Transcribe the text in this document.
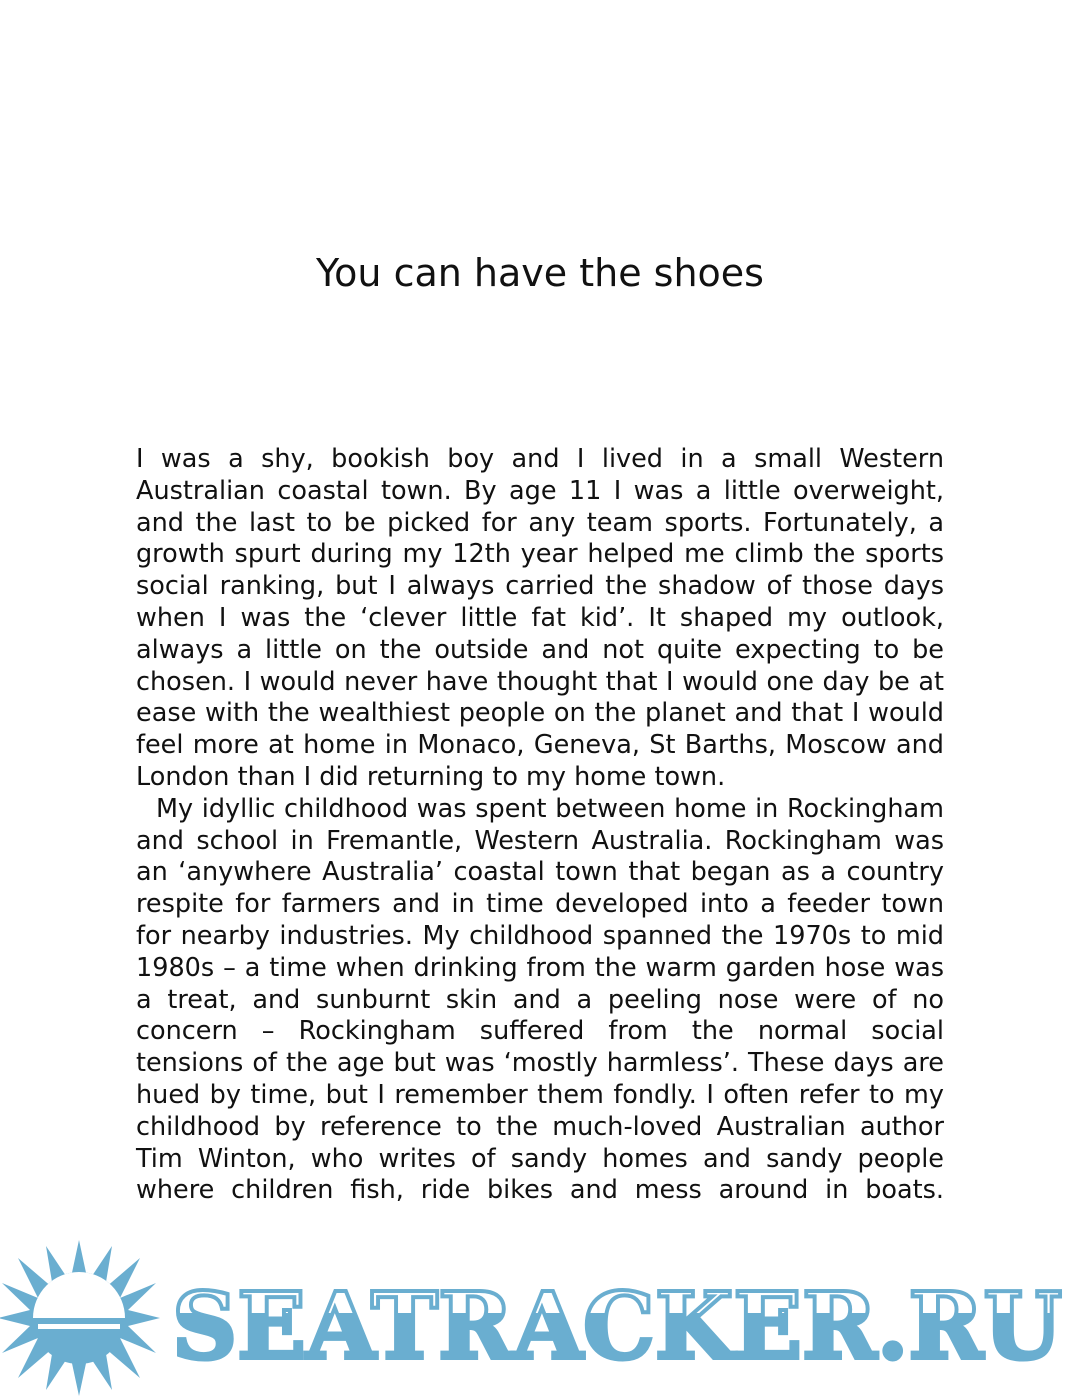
You can have the shoes

I was a shy, bookish boy and I lived in a small Western Australian coastal town. By age 11 I was a little overweight, and the last to be picked for any team sports. Fortunately, a growth spurt during my 12th year helped me climb the sports social ranking, but I always carried the shadow of those days when I was the ‘clever little fat kid’. It shaped my outlook, always a little on the outside and not quite expecting to be chosen. I would never have thought that I would one day be at ease with the wealthiest people on the planet and that I would feel more at home in Monaco, Geneva, St Barths, Moscow and London than I did returning to my home town.

My idyllic childhood was spent between home in Rockingham and school in Fremantle, Western Australia. Rockingham was an ‘anywhere Australia’ coastal town that began as a country respite for farmers and in time developed into a feeder town for nearby industries. My childhood spanned the 1970s to mid 1980s – a time when drinking from the warm garden hose was a treat, and sunburnt skin and a peeling nose were of no concern – Rockingham suffered from the normal social tensions of the age but was ‘mostly harmless’. These days are hued by time, but I remember them fondly. I often refer to my childhood by reference to the much-loved Australian author Tim Winton, who writes of sandy homes and sandy people where children fish, ride bikes and mess around in boats.

SEATRACKER.RU
